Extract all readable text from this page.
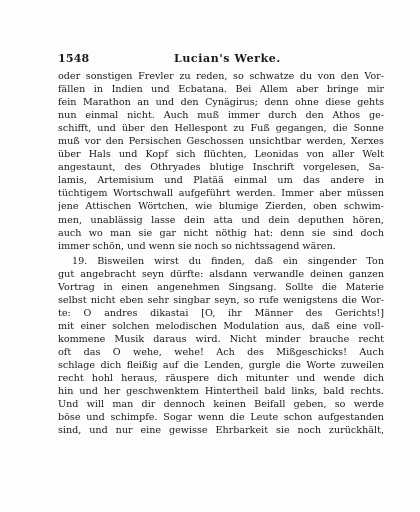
1548	Lucian's Werke.
oder sonstigen Frevler zu reden, so schwatze du von den Vor-
fällen in Indien und Ecbatana. Bei Allem aber bringe mir
fein Marathon an und den Cynägirus; denn ohne diese gehts
nun einmal nicht. Auch muß immer durch den Athos ge-
schifft, und über den Hellespont zu Fuß gegangen, die Sonne
muß vor den Persischen Geschossen unsichtbar werden, Xerxes
über Hals und Kopf sich flüchten, Leonidas von aller Welt
angestaunt, des Othryades blutige Inschrift vorgelesen, Sa-
lamis, Artemisium und Platää einmal um das andere in
tüchtigem Wortschwall aufgeführt werden. Immer aber müssen
jene Attischen Wörtchen, wie blumige Zierden, oben schwim-
men, unablässig lasse dein atta und dein deputhen hören,
auch wo man sie gar nicht nöthig hat: denn sie sind doch
immer schön, und wenn sie noch so nichtssagend wären.
19. Bisweilen wirst du finden, daß ein singender Ton
gut angebracht seyn dürfte: alsdann verwandle deinen ganzen
Vortrag in einen angenehmen Singsang. Sollte die Materie
selbst nicht eben sehr singbar seyn, so rufe wenigstens die Wor-
te: O andres dikastai [O, ihr Männer des Gerichts!]
mit einer solchen melodischen Modulation aus, daß eine voll-
kommene Musik daraus wird. Nicht minder brauche recht
oft das O wehe, wehe! Ach des Mißgeschicks! Auch
schlage dich fleißig auf die Lenden, gurgle die Worte zuweilen
recht hohl heraus, räuspere dich mitunter und wende dich
hin und her geschwenktem Hintertheil bald links, bald rechts.
Und will man dir dennoch keinen Beifall geben, so werde
böse und schimpfe. Sogar wenn die Leute schon aufgestanden
sind, und nur eine gewisse Ehrbarkeit sie noch zurückhält,
